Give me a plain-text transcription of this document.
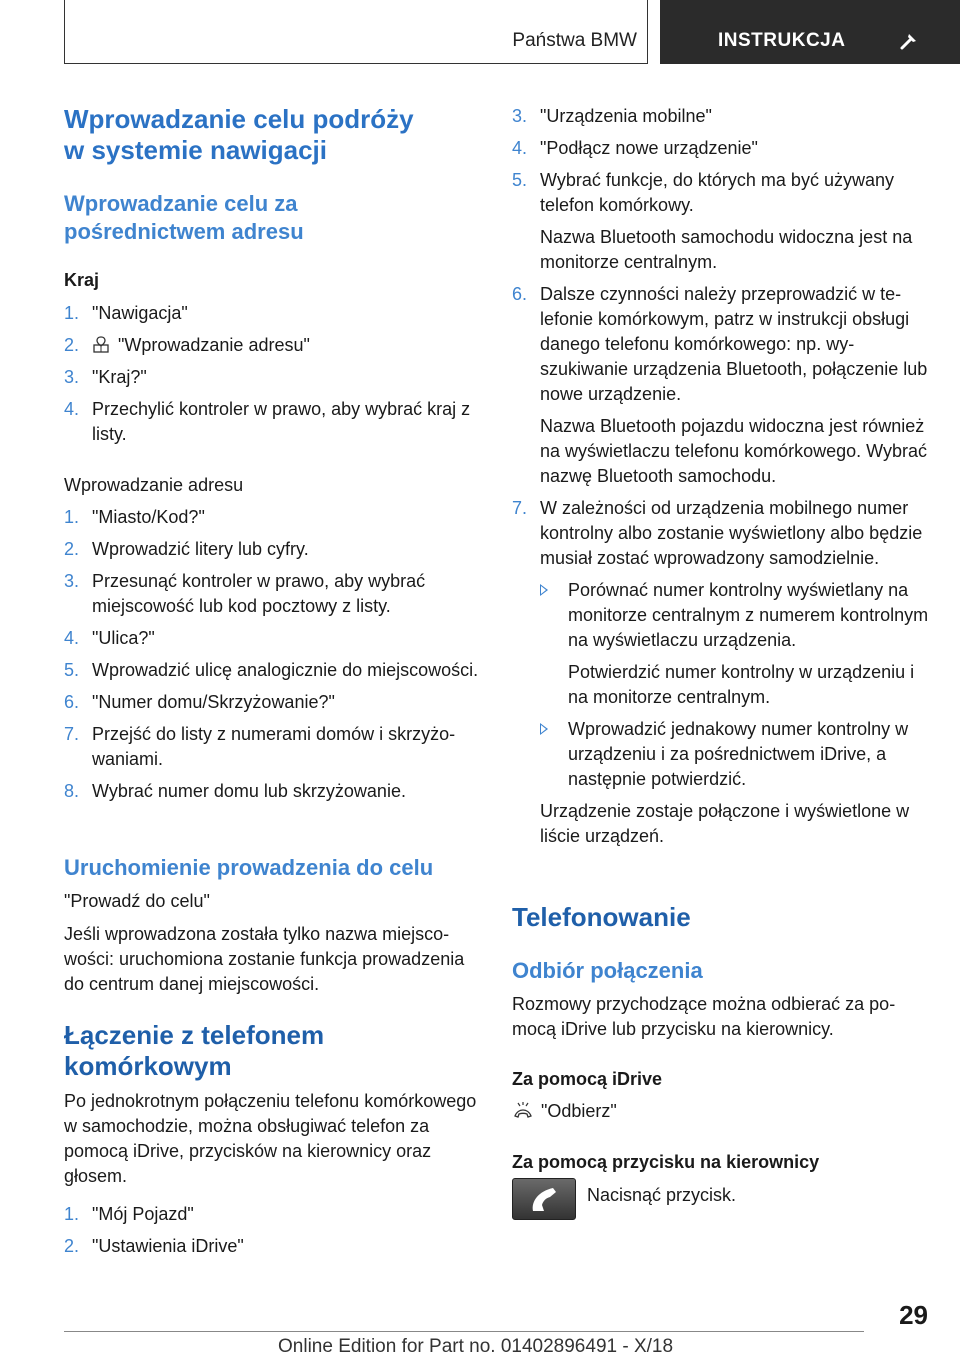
Państwa BMW	INSTRUKCJA
Wprowadzanie celu podróży
w systemie nawigacji
Wprowadzanie celu za
pośrednictwem adresu

Kraj

1. "Nawigacja"
2. "Wprowadzanie adresu"
3. "Kraj?"
4. Przechylić kontroler w prawo, aby wybrać kraj z listy.

Wprowadzanie adresu

1. "Miasto/Kod?"
2. Wprowadzić litery lub cyfry.
3. Przesunąć kontroler w prawo, aby wybrać miejscowość lub kod pocztowy z listy.
4. "Ulica?"
5. Wprowadzić ulicę analogicznie do miejscowości.
6. "Numer domu/Skrzyżowanie?"
7. Przejść do listy z numerami domów i skrzyżowaniami.
8. Wybrać numer domu lub skrzyżowanie.
Uruchomienie prowadzenia do celu

"Prowadź do celu"

Jeśli wprowadzona została tylko nazwa miejscowości: uruchomiona zostanie funkcja prowadzenia do centrum danej miejscowości.

Łączenie z telefonem
komórkowym

Po jednokrotnym połączeniu telefonu komórkowego w samochodzie, można obsługiwać telefon za pomocą iDrive, przycisków na kierownicy oraz głosem.

1. "Mój Pojazd"
2. "Ustawienia iDrive"
3. "Urządzenia mobilne"
4. "Podłącz nowe urządzenie"
5. Wybrać funkcje, do których ma być używany telefon komórkowy.

Nazwa Bluetooth samochodu widoczna jest na monitorze centralnym.

6. Dalsze czynności należy przeprowadzić w telefonie komórkowym, patrz w instrukcji obsługi danego telefonu komórkowego: np. wyszukiwanie urządzenia Bluetooth, połączenie lub nowe urządzenie.

Nazwa Bluetooth pojazdu widoczna jest również na wyświetlaczu telefonu komórkowego. Wybrać nazwę Bluetooth samochodu.

7. W zależności od urządzenia mobilnego numer kontrolny albo zostanie wyświetlony albo będzie musiał zostać wprowadzony samodzielnie.
Porównać numer kontrolny wyświetlany na monitorze centralnym z numerem kontrolnym na wyświetlaczu urządzenia.

Potwierdzić numer kontrolny w urządzeniu i na monitorze centralnym.

Wprowadzić jednakowy numer kontrolny w urządzeniu i za pośrednictwem iDrive, a następnie potwierdzić.

Urządzenie zostaje połączone i wyświetlone w liście urządzeń.

Telefonowanie
Odbiór połączenia

Rozmowy przychodzące można odbierać za pomocą iDrive lub przycisku na kierownicy.

Za pomocą iDrive

"Odbierz"

Za pomocą przycisku na kierownicy

Nacisnąć przycisk.

29
Online Edition for Part no. 01402896491 - X/18
